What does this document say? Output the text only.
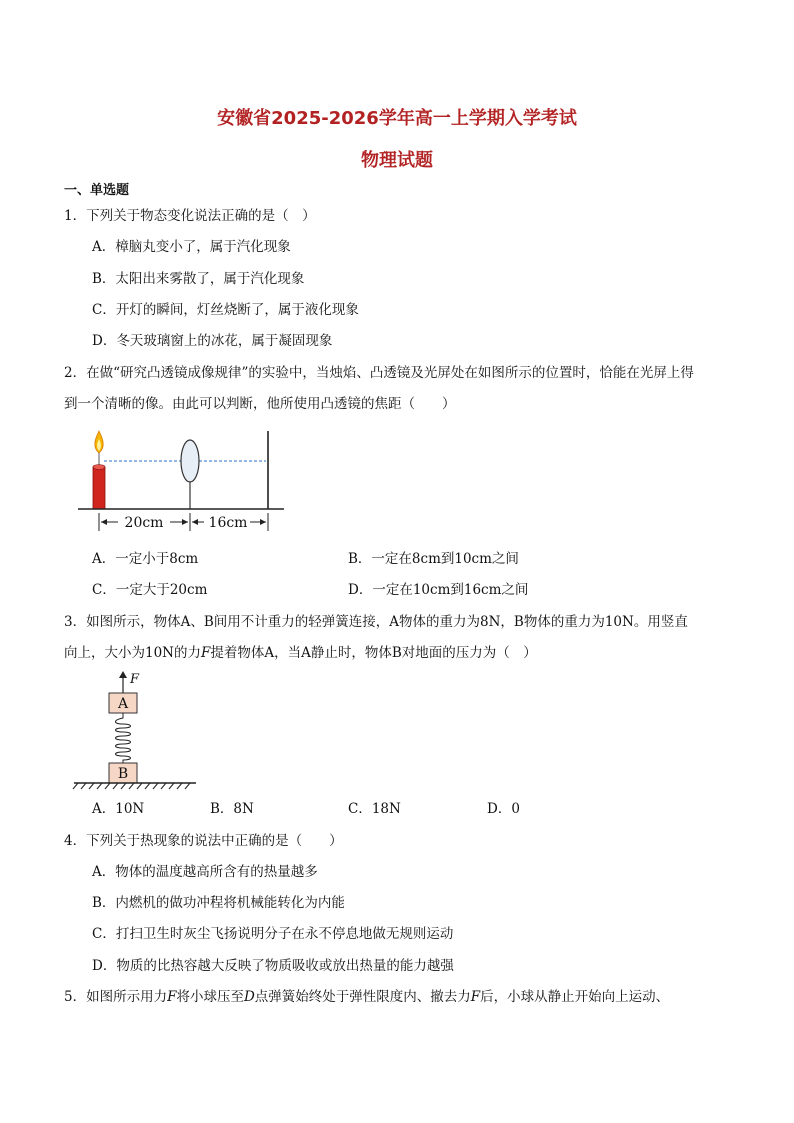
安徽省2025-2026学年高一上学期入学考试
物理试题
一、单选题
1．下列关于物态变化说法正确的是（　）
A．樟脑丸变小了，属于汽化现象
B．太阳出来雾散了，属于汽化现象
C．开灯的瞬间，灯丝烧断了，属于液化现象
D．冬天玻璃窗上的冰花，属于凝固现象
2．在做“研究凸透镜成像规律”的实验中，当烛焰、凸透镜及光屏处在如图所示的位置时，恰能在光屏上得
到一个清晰的像。由此可以判断，他所使用凸透镜的焦距（　　）
20cm	16cm
A．一定小于8cm	B．一定在8cm到10cm之间
C．一定大于20cm	D．一定在10cm到16cm之间
3．如图所示，物体A、B间用不计重力的轻弹簧连接，A物体的重力为8N，B物体的重力为10N。用竖直
向上，大小为10N的力F提着物体A，当A静止时，物体B对地面的压力为（　）
F
A
B
A．10N	B．8N	C．18N	D．0
4．下列关于热现象的说法中正确的是（　　）
A．物体的温度越高所含有的热量越多
B．内燃机的做功冲程将机械能转化为内能
C．打扫卫生时灰尘飞扬说明分子在永不停息地做无规则运动
D．物质的比热容越大反映了物质吸收或放出热量的能力越强
5．如图所示用力F将小球压至D点弹簧始终处于弹性限度内、撤去力F后，小球从静止开始向上运动、
